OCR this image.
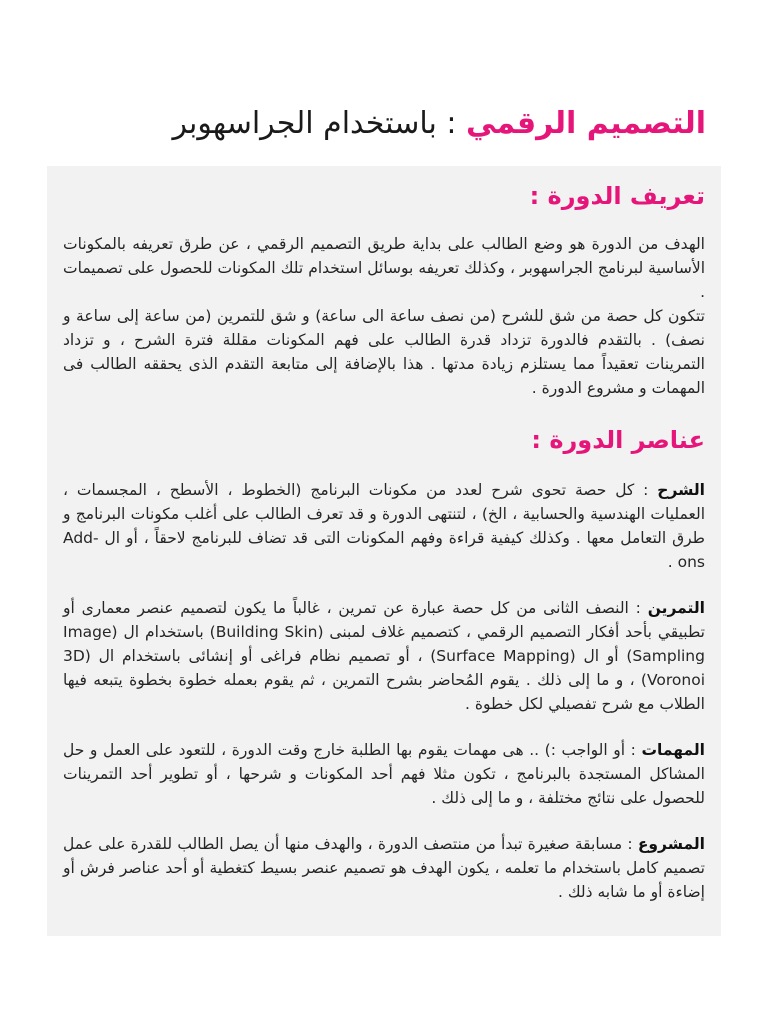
التصميم الرقمي : باستخدام الجراسهوبر
تعريف الدورة :

الهدف من الدورة هو وضع الطالب على بداية طريق التصميم الرقمي ، عن طرق تعريفه بالمكونات الأساسية لبرنامج الجراسهوبر ، وكذلك تعريفه بوسائل استخدام تلك المكونات للحصول على تصميمات .

تتكون كل حصة من شق للشرح (من نصف ساعة الى ساعة) و شق للتمرين (من ساعة إلى ساعة و نصف) . بالتقدم فالدورة تزداد قدرة الطالب على فهم المكونات مقللة فترة الشرح ، و تزداد التمرينات تعقيداً مما يستلزم زيادة مدتها . هذا بالإضافة إلى متابعة التقدم الذى يحققه الطالب فى المهمات و مشروع الدورة .

عناصر الدورة :

الشرح : كل حصة تحوى شرح لعدد من مكونات البرنامج (الخطوط ، الأسطح ، المجسمات ، العمليات الهندسية والحسابية ، الخ) ، لتنتهى الدورة و قد تعرف الطالب على أغلب مكونات البرنامج و طرق التعامل معها . وكذلك كيفية قراءة وفهم المكونات التى قد تضاف للبرنامج لاحقاً ، أو ال Add-ons .

التمرين : النصف الثانى من كل حصة عبارة عن تمرين ، غالباً ما يكون لتصميم عنصر معمارى أو تطبيقي بأحد أفكار التصميم الرقمي ، كتصميم غلاف لمبنى (Building Skin) باستخدام ال (Image Sampling) أو ال (Surface Mapping) ، أو تصميم نظام فراغى أو إنشائى باستخدام ال (3D Voronoi) ، و ما إلى ذلك . يقوم المُحاضر بشرح التمرين ، ثم يقوم بعمله خطوة بخطوة يتبعه فيها الطلاب مع شرح تفصيلي لكل خطوة .

المهمات : أو الواجب :) .. هى مهمات يقوم بها الطلبة خارج وقت الدورة ، للتعود على العمل و حل المشاكل المستجدة بالبرنامج ، تكون مثلا فهم أحد المكونات و شرحها ، أو تطوير أحد التمرينات للحصول على نتائج مختلفة ، و ما إلى ذلك .

المشروع : مسابقة صغيرة تبدأ من منتصف الدورة ، والهدف منها أن يصل الطالب للقدرة على عمل تصميم كامل باستخدام ما تعلمه ، يكون الهدف هو تصميم عنصر بسيط كتغطية أو أحد عناصر فرش أو إضاءة أو ما شابه ذلك .
